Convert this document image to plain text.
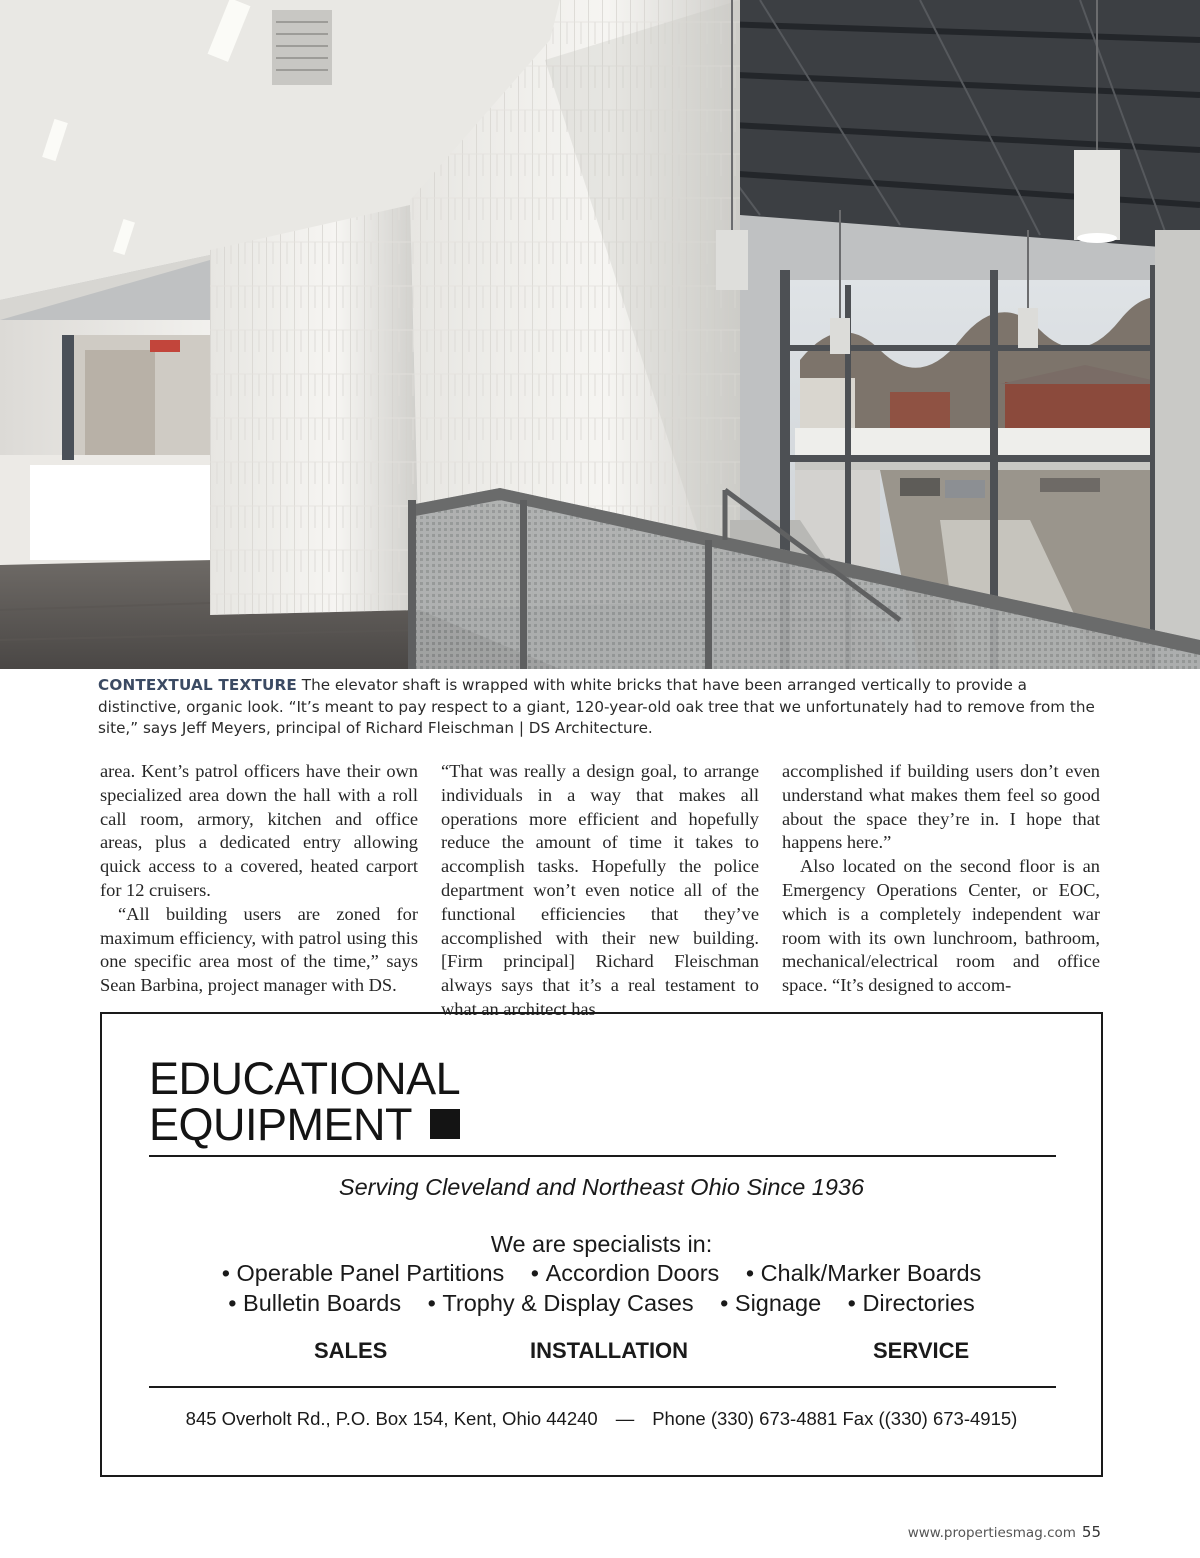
CONTEXTUAL TEXTURE The elevator shaft is wrapped with white bricks that have been arranged vertically to provide a distinctive, organic look. “It’s meant to pay respect to a giant, 120-year-old oak tree that we unfortunately had to remove from the site,” says Jeff Meyers, principal of Richard Fleischman | DS Architecture.

area. Kent’s patrol officers have their own specialized area down the hall with a roll call room, armory, kitchen and office areas, plus a dedicated entry allowing quick access to a covered, heated carport for 12 cruisers.

“All building users are zoned for maximum efficiency, with patrol using this one specific area most of the time,” says Sean Barbina, project manager with DS.

“That was really a design goal, to arrange individuals in a way that makes all operations more efficient and hopefully reduce the amount of time it takes to accomplish tasks. Hopefully the police department won’t even notice all of the functional efficiencies that they’ve accomplished with their new building. [Firm principal] Richard Fleischman always says that it’s a real testament to what an architect has

accomplished if building users don’t even understand what makes them feel so good about the space they’re in. I hope that happens here.”

Also located on the second floor is an Emergency Operations Center, or EOC, which is a completely independent war room with its own lunchroom, bathroom, mechanical/electrical room and office space. “It’s designed to accom-

EDUCATIONAL
EQUIPMENT
Serving Cleveland and Northeast Ohio Since 1936
We are specialists in:
• Operable Panel Partitions • Accordion Doors • Chalk/Marker Boards
• Bulletin Boards • Trophy & Display Cases • Signage • Directories
SALES	INSTALLATION	SERVICE
845 Overholt Rd., P.O. Box 154, Kent, Ohio 44240 — Phone (330) 673-4881 Fax ((330) 673-4915)
www.propertiesmag.com 55
